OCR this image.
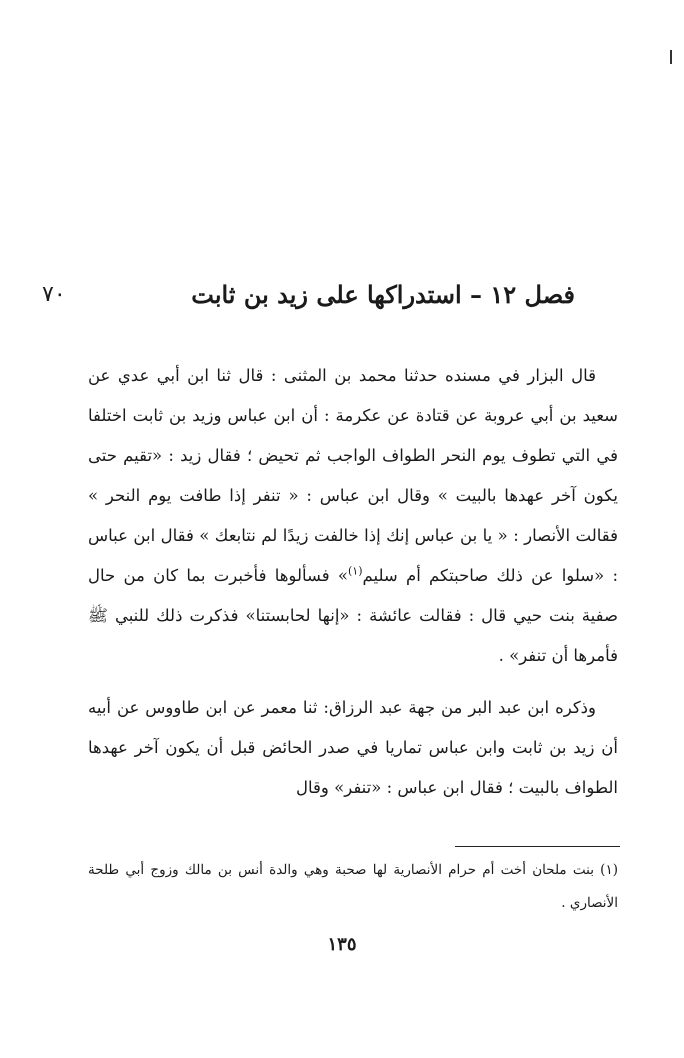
٧٠	فصل ١٢ – استدراكها على زيد بن ثابت

قال البزار في مسنده حدثنا محمد بن المثنى : قال ثنا ابن أبي عدي عن سعيد بن أبي عروبة عن قتادة عن عكرمة : أن ابن عباس وزيد بن ثابت اختلفا في التي تطوف يوم النحر الطواف الواجب ثم تحيض ؛ فقال زيد : «تقيم حتى يكون آخر عهدها بالبيت » وقال ابن عباس : « تنفر إذا طافت يوم النحر » فقالت الأنصار : « يا بن عباس إنك إذا خالفت زيدًا لم نتابعك » فقال ابن عباس : «سلوا عن ذلك صاحبتكم أم سليم$^{(١)}$» فسألوها فأخبرت بما كان من حال صفية بنت حيي قال : فقالت عائشة : «إنها لحابستنا» فذكرت ذلك للنبي ﷺ فأمرها أن تنفر» .

وذكره ابن عبد البر من جهة عبد الرزاق: ثنا معمر عن ابن طاووس عن أبيه أن زيد بن ثابت وابن عباس تماريا في صدر الحائض قبل أن يكون آخر عهدها الطواف بالبيت ؛ فقال ابن عباس : «تنفر» وقال

(١) بنت ملحان أخت أم حرام الأنصارية لها صحبة وهي والدة أنس بن مالك وزوج أبي طلحة الأنصاري .

١٣٥
